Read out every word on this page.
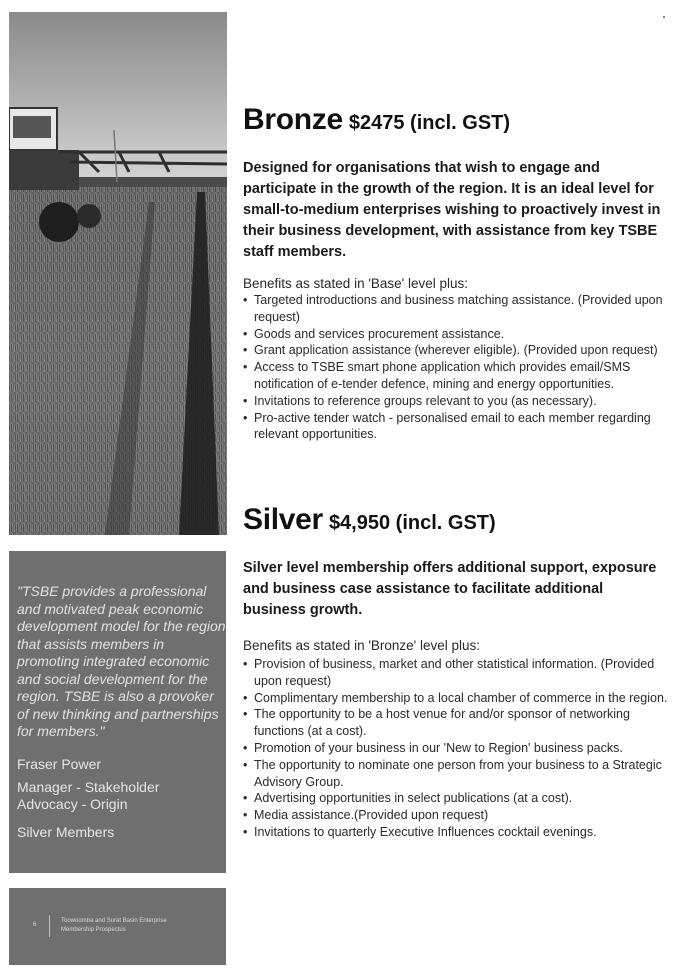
"TSBE provides a professional and motivated peak economic development model for the region that assists members in promoting integrated economic and social development for the region. TSBE is also a provoker of new thinking and partnerships for members."
Fraser Power
Manager - Stakeholder Advocacy - Origin
Silver Members
6
Toowoomba and Surat Basin Enterprise
Membership Prospectus
Bronze $2475 (incl. GST)
Designed for organisations that wish to engage and participate in the growth of the region. It is an ideal level for small-to-medium enterprises wishing to proactively invest in their business development, with assistance from key TSBE staff members.
Benefits as stated in 'Base' level plus:
• Targeted introductions and business matching assistance. (Provided upon request)
• Goods and services procurement assistance.
• Grant application assistance (wherever eligible). (Provided upon request)
• Access to TSBE smart phone application which provides email/SMS notification of e-tender defence, mining and energy opportunities.
• Invitations to reference groups relevant to you (as necessary).
• Pro-active tender watch - personalised email to each member regarding relevant opportunities.
Silver $4,950 (incl. GST)
Silver level membership offers additional support, exposure and business case assistance to facilitate additional business growth.
Benefits as stated in 'Bronze' level plus:
• Provision of business, market and other statistical information. (Provided upon request)
• Complimentary membership to a local chamber of commerce in the region.
• The opportunity to be a host venue for and/or sponsor of networking functions (at a cost).
• Promotion of your business in our 'New to Region' business packs.
• The opportunity to nominate one person from your business to a Strategic Advisory Group.
• Advertising opportunities in select publications (at a cost).
• Media assistance.(Provided upon request)
• Invitations to quarterly Executive Influences cocktail evenings.
